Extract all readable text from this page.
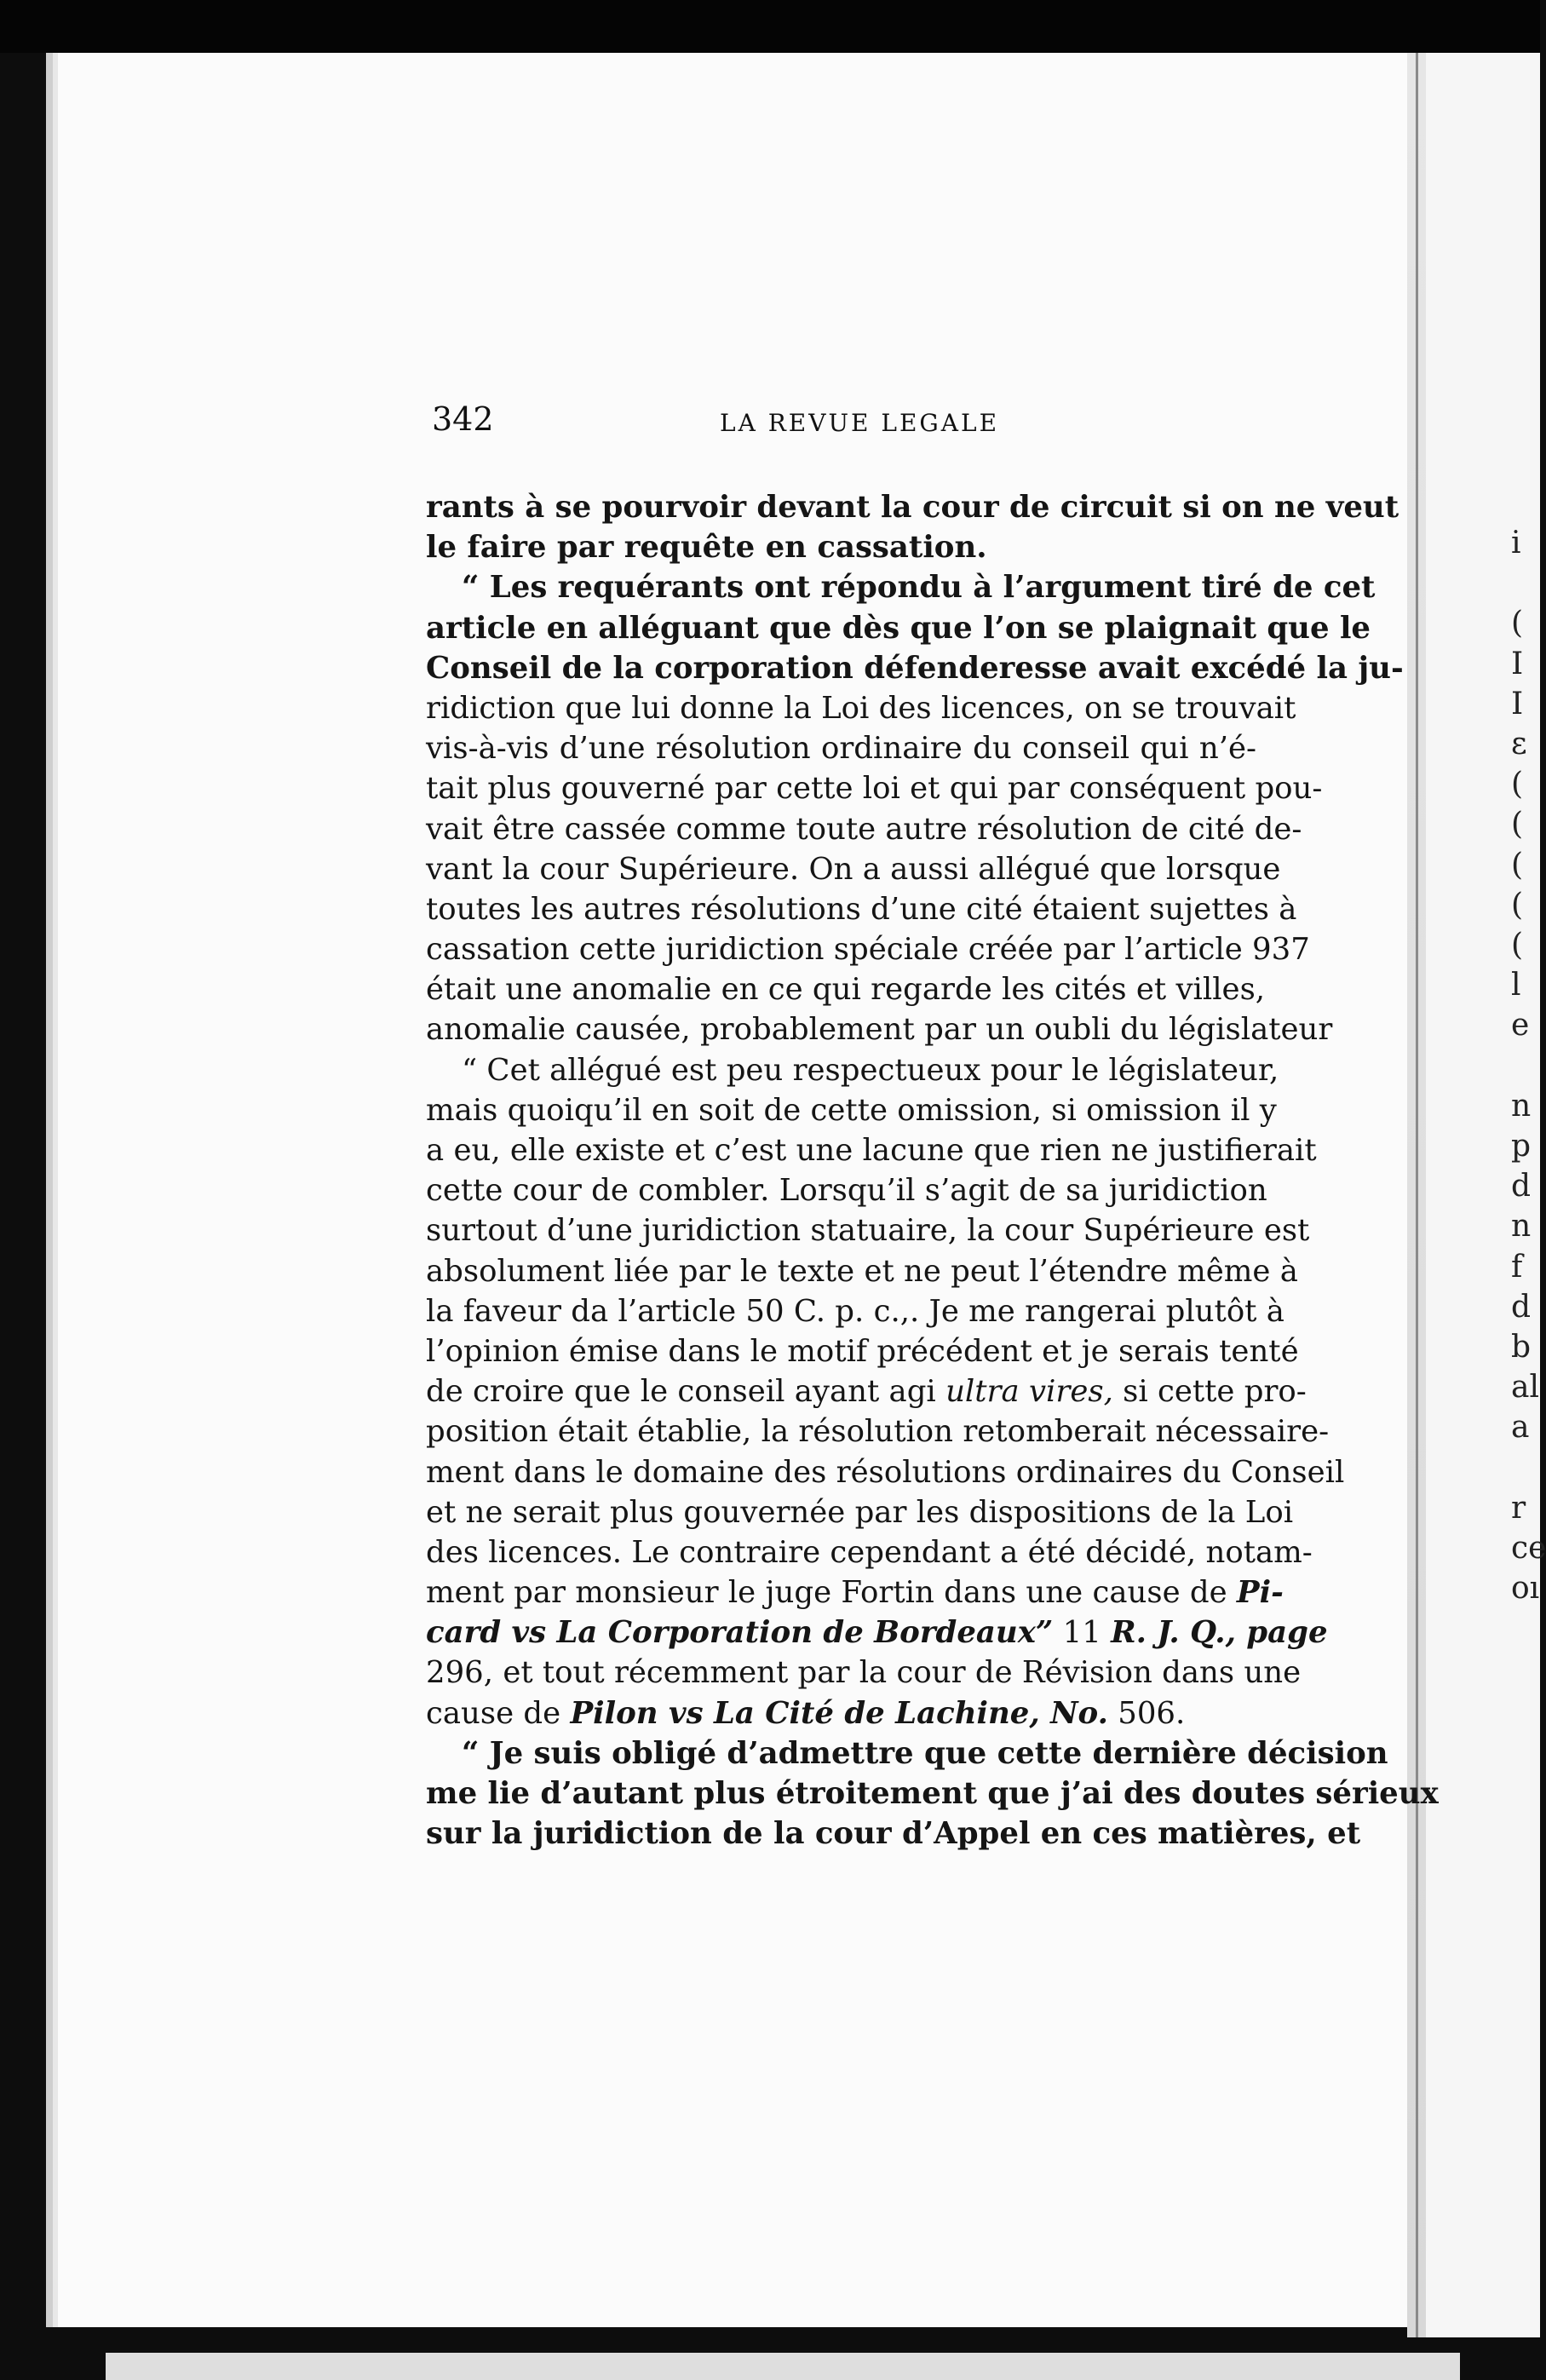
i
(
I
I
ɛ
(
(
(
(
(
l
e
n
p
d
n
f
d
b
al
a
r
ce
oı
342	LA REVUE LEGALE
rants à se pourvoir devant la cour de circuit si on ne veut
le faire par requête en cassation.
“ Les requérants ont répondu à l’argument tiré de cet
article en alléguant que dès que l’on se plaignait que le
Conseil de la corporation défenderesse avait excédé la ju-
ridiction que lui donne la Loi des licences, on se trouvait
vis-à-vis d’une résolution ordinaire du conseil qui n’é-
tait plus gouverné par cette loi et qui par conséquent pou-
vait être cassée comme toute autre résolution de cité de-
vant la cour Supérieure. On a aussi allégué que lorsque
toutes les autres résolutions d’une cité étaient sujettes à
cassation cette juridiction spéciale créée par l’article 937
était une anomalie en ce qui regarde les cités et villes,
anomalie causée, probablement par un oubli du législateur
“ Cet allégué est peu respectueux pour le législateur,
mais quoiqu’il en soit de cette omission, si omission il y
a eu, elle existe et c’est une lacune que rien ne justifierait
cette cour de combler. Lorsqu’il s’agit de sa juridiction
surtout d’une juridiction statuaire, la cour Supérieure est
absolument liée par le texte et ne peut l’étendre même à
la faveur da l’article 50 C. p. c.,. Je me rangerai plutôt à
l’opinion émise dans le motif précédent et je serais tenté
de croire que le conseil ayant agi ultra vires, si cette pro-
position était établie, la résolution retomberait nécessaire-
ment dans le domaine des résolutions ordinaires du Conseil
et ne serait plus gouvernée par les dispositions de la Loi
des licences. Le contraire cependant a été décidé, notam-
ment par monsieur le juge Fortin dans une cause de Pi-
card vs La Corporation de Bordeaux” 11 R. J. Q., page
296, et tout récemment par la cour de Révision dans une
cause de Pilon vs La Cité de Lachine, No. 506.
“ Je suis obligé d’admettre que cette dernière décision
me lie d’autant plus étroitement que j’ai des doutes sérieux
sur la juridiction de la cour d’Appel en ces matières, et
